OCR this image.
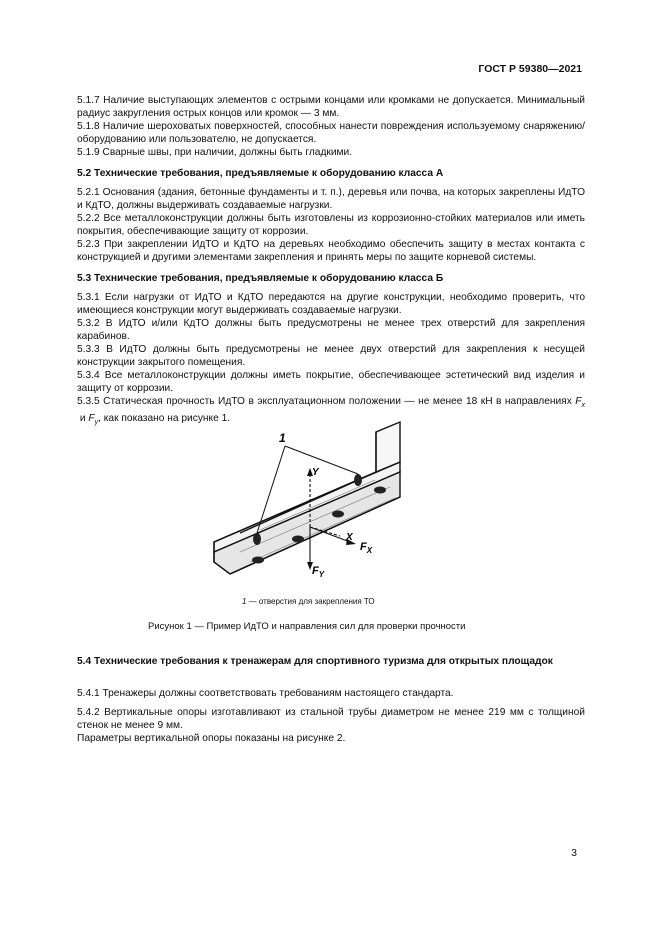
ГОСТ Р 59380—2021
5.1.7 Наличие выступающих элементов с острыми концами или кромками не допускается. Минимальный радиус закругления острых концов или кромок — 3 мм.
5.1.8 Наличие шероховатых поверхностей, способных нанести повреждения используемому снаряжению/оборудованию или пользователю, не допускается.
5.1.9 Сварные швы, при наличии, должны быть гладкими.
5.2 Технические требования, предъявляемые к оборудованию класса А
5.2.1 Основания (здания, бетонные фундаменты и т. п.), деревья или почва, на которых закреплены ИдТО и КдТО, должны выдерживать создаваемые нагрузки.
5.2.2 Все металлоконструкции должны быть изготовлены из коррозионно-стойких материалов или иметь покрытия, обеспечивающие защиту от коррозии.
5.2.3 При закреплении ИдТО и КдТО на деревьях необходимо обеспечить защиту в местах контакта с конструкцией и другими элементами закрепления и принять меры по защите корневой системы.
5.3 Технические требования, предъявляемые к оборудованию класса Б
5.3.1 Если нагрузки от ИдТО и КдТО передаются на другие конструкции, необходимо проверить, что имеющиеся конструкции могут выдерживать создаваемые нагрузки.
5.3.2 В ИдТО и/или КдТО должны быть предусмотрены не менее трех отверстий для закрепления карабинов.
5.3.3 В ИдТО должны быть предусмотрены не менее двух отверстий для закрепления к несущей конструкции закрытого помещения.
5.3.4 Все металлоконструкции должны иметь покрытие, обеспечивающее эстетический вид изделия и защиту от коррозии.
5.3.5 Статическая прочность ИдТО в эксплуатационном положении — не менее 18 кН в направлениях $F_x$ и $F_y$, как показано на рисунке 1.
1
Y
X
$F_X$
$F_Y$
1 — отверстия для закрепления ТО
Рисунок 1 — Пример ИдТО и направления сил для проверки прочности
5.4 Технические требования к тренажерам для спортивного туризма для открытых площадок
5.4.1 Тренажеры должны соответствовать требованиям настоящего стандарта.
5.4.2 Вертикальные опоры изготавливают из стальной трубы диаметром не менее 219 мм с толщиной стенок не менее 9 мм.
Параметры вертикальной опоры показаны на рисунке 2.
3
